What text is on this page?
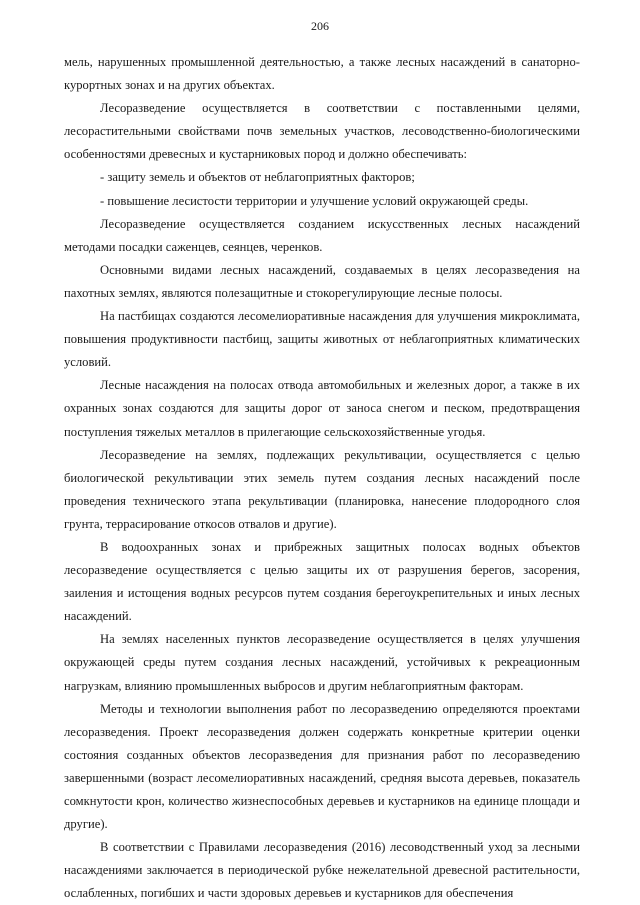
206

мель, нарушенных промышленной деятельностью, а также лесных насаждений в санаторно-курортных зонах и на других объектах.

Лесоразведение осуществляется в соответствии с поставленными целями, лесорастительными свойствами почв земельных участков, лесоводственно-биологическими особенностями древесных и кустарниковых пород и должно обеспечивать:

- защиту земель и объектов от неблагоприятных факторов;

- повышение лесистости территории и улучшение условий окружающей среды.

Лесоразведение осуществляется созданием искусственных лесных насаждений методами посадки саженцев, сеянцев, черенков.

Основными видами лесных насаждений, создаваемых в целях лесоразведения на пахотных землях, являются полезащитные и стокорегулирующие лесные полосы.

На пастбищах создаются лесомелиоративные насаждения для улучшения микроклимата, повышения продуктивности пастбищ, защиты животных от неблагоприятных климатических условий.

Лесные насаждения на полосах отвода автомобильных и железных дорог, а также в их охранных зонах создаются для защиты дорог от заноса снегом и песком, предотвращения поступления тяжелых металлов в прилегающие сельскохозяйственные угодья.

Лесоразведение на землях, подлежащих рекультивации, осуществляется с целью биологической рекультивации этих земель путем создания лесных насаждений после проведения технического этапа рекультивации (планировка, нанесение плодородного слоя грунта, террасирование откосов отвалов и другие).

В водоохранных зонах и прибрежных защитных полосах водных объектов лесоразведение осуществляется с целью защиты их от разрушения берегов, засорения, заиления и истощения водных ресурсов путем создания берегоукрепительных и иных лесных насаждений.

На землях населенных пунктов лесоразведение осуществляется в целях улучшения окружающей среды путем создания лесных насаждений, устойчивых к рекреационным нагрузкам, влиянию промышленных выбросов и другим неблагоприятным факторам.

Методы и технологии выполнения работ по лесоразведению определяются проектами лесоразведения. Проект лесоразведения должен содержать конкретные критерии оценки состояния созданных объектов лесоразведения для признания работ по лесоразведению завершенными (возраст лесомелиоративных насаждений, средняя высота деревьев, показатель сомкнутости крон, количество жизнеспособных деревьев и кустарников на единице площади и другие).

В соответствии с Правилами лесоразведения (2016) лесоводственный уход за лесными насаждениями заключается в периодической рубке нежелательной древесной растительности, ослабленных, погибших и части здоровых деревьев и кустарников для обеспечения
